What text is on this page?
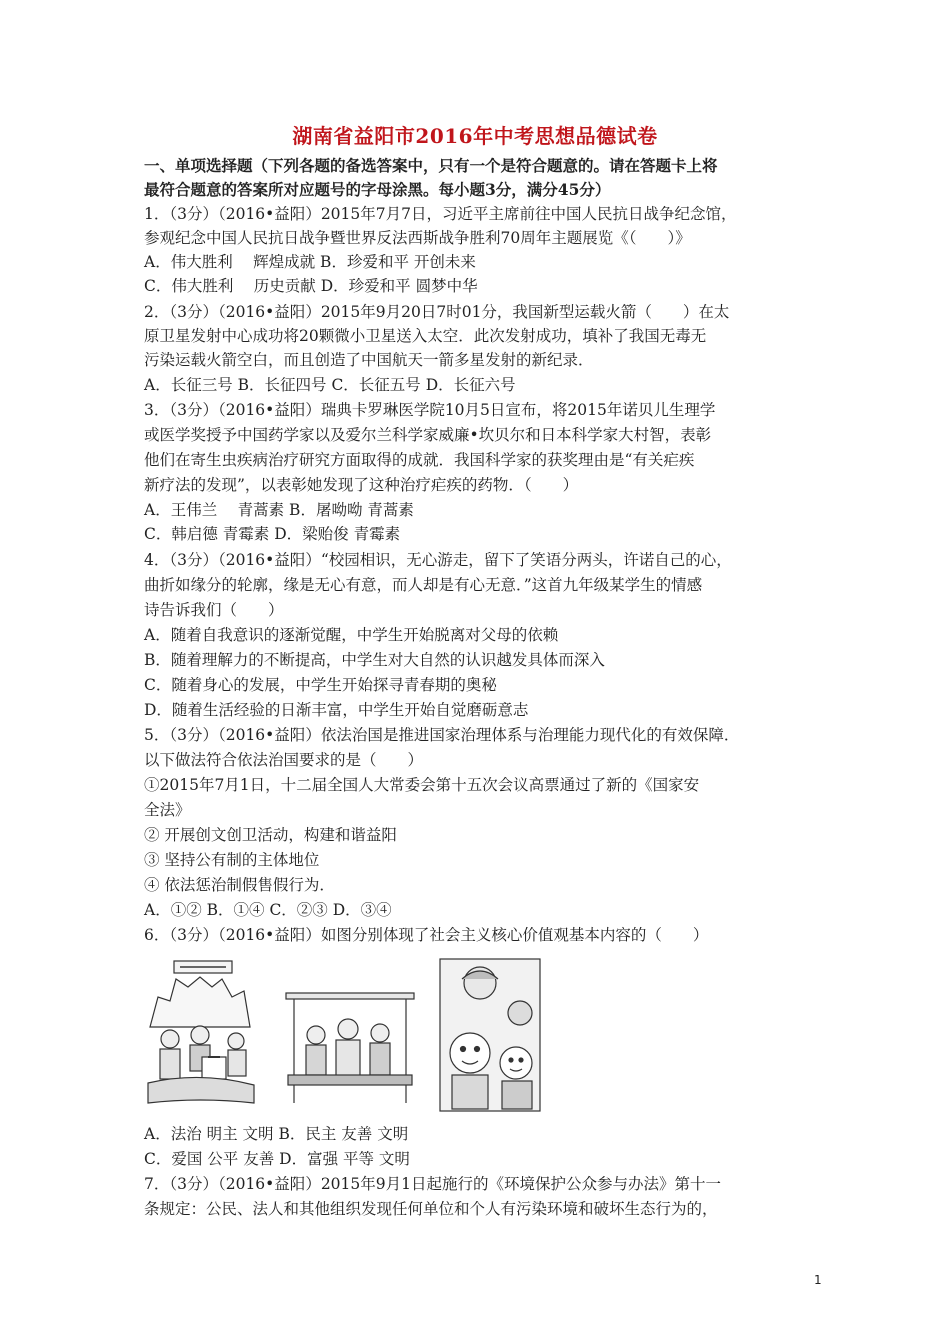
湖南省益阳市2016年中考思想品德试卷
一、单项选择题（下列各题的备选答案中，只有一个是符合题意的。请在答题卡上将
最符合题意的答案所对应题号的字母涂黑。每小题3分，满分45分）
1．（3分）（2016•益阳）2015年7月7日，习近平主席前往中国人民抗日战争纪念馆，
参观纪念中国人民抗日战争暨世界反法西斯战争胜利70周年主题展览《（　　）》
A．伟大胜利　 辉煌成就 B．珍爱和平 开创未来
C．伟大胜利　 历史贡献 D．珍爱和平 圆梦中华
2．（3分）（2016•益阳）2015年9月20日7时01分，我国新型运载火箭（　　）在太
原卫星发射中心成功将20颗微小卫星送入太空．此次发射成功，填补了我国无毒无
污染运载火箭空白，而且创造了中国航天一箭多星发射的新纪录．
A．长征三号 B．长征四号 C．长征五号 D．长征六号
3．（3分）（2016•益阳）瑞典卡罗琳医学院10月5日宣布，将2015年诺贝儿生理学
或医学奖授予中国药学家以及爱尔兰科学家威廉•坎贝尔和日本科学家大村智，表彰
他们在寄生虫疾病治疗研究方面取得的成就．我国科学家的获奖理由是“有关疟疾
新疗法的发现”，以表彰她发现了这种治疗疟疾的药物．（　　）
A．王伟兰　 青蒿素 B．屠呦呦 青蒿素
C．韩启德 青霉素 D．梁贻俊 青霉素
4．（3分）（2016•益阳）“校园相识，无心游走，留下了笑语分两头，许诺自己的心，
曲折如缘分的轮廓，缘是无心有意，而人却是有心无意．”这首九年级某学生的情感
诗告诉我们（　　）
A．随着自我意识的逐渐觉醒，中学生开始脱离对父母的依赖
B．随着理解力的不断提高，中学生对大自然的认识越发具体而深入
C．随着身心的发展，中学生开始探寻青春期的奥秘
D．随着生活经验的日渐丰富，中学生开始自觉磨砺意志
5．（3分）（2016•益阳）依法治国是推进国家治理体系与治理能力现代化的有效保障．
以下做法符合依法治国要求的是（　　）
①2015年7月1日，十二届全国人大常委会第十五次会议高票通过了新的《国家安
全法》
② 开展创文创卫活动，构建和谐益阳
③ 坚持公有制的主体地位
④ 依法惩治制假售假行为．
A．①② B．①④ C．②③ D．③④
6．（3分）（2016•益阳）如图分别体现了社会主义核心价值观基本内容的（　　）
A．法治 明主 文明 B．民主 友善 文明
C．爱国 公平 友善 D．富强 平等 文明
7．（3分）（2016•益阳）2015年9月1日起施行的《环境保护公众参与办法》第十一
条规定：公民、法人和其他组织发现任何单位和个人有污染环境和破坏生态行为的，
1
